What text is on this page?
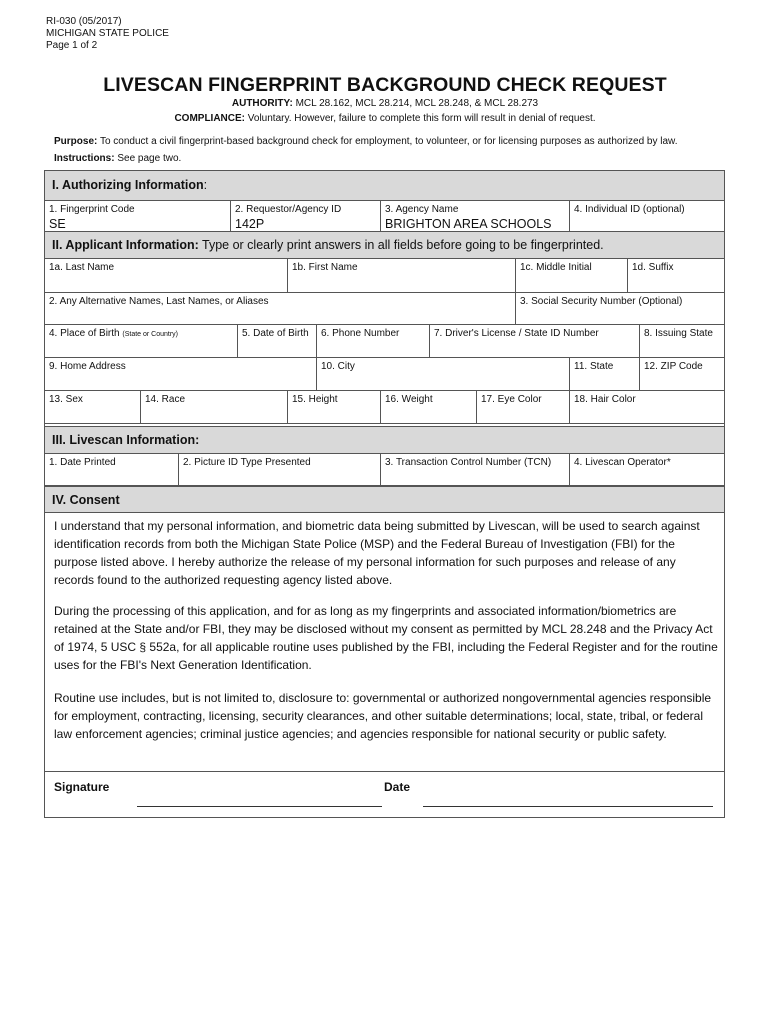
RI-030 (05/2017)
MICHIGAN STATE POLICE
Page 1 of 2
LIVESCAN FINGERPRINT BACKGROUND CHECK REQUEST
AUTHORITY: MCL 28.162, MCL 28.214, MCL 28.248, & MCL 28.273
COMPLIANCE: Voluntary. However, failure to complete this form will result in denial of request.
Purpose: To conduct a civil fingerprint-based background check for employment, to volunteer, or for licensing purposes as authorized by law.
Instructions: See page two.
I. Authorizing Information:
1. Fingerprint Code
SE
2. Requestor/Agency ID
142P
3. Agency Name
BRIGHTON AREA SCHOOLS
4. Individual ID (optional)
II. Applicant Information: Type or clearly print answers in all fields before going to be fingerprinted.
1a. Last Name	1b. First Name	1c. Middle Initial	1d. Suffix
2. Any Alternative Names, Last Names, or Aliases	3. Social Security Number (Optional)
4. Place of Birth (State or Country)	5. Date of Birth 6. Phone Number	7. Driver's License / State ID Number	8. Issuing State
9. Home Address	10. City	11. State	12. ZIP Code
13. Sex	14. Race	15. Height	16. Weight	17. Eye Color	18. Hair Color
III. Livescan Information:
1. Date Printed	2. Picture ID Type Presented	3. Transaction Control Number (TCN) 4. Livescan Operator*
IV. Consent

I understand that my personal information, and biometric data being submitted by Livescan, will be used to search against identification records from both the Michigan State Police (MSP) and the Federal Bureau of Investigation (FBI) for the purpose listed above. I hereby authorize the release of my personal information for such purposes and release of any records found to the authorized requesting agency listed above.

During the processing of this application, and for as long as my fingerprints and associated information/biometrics are retained at the State and/or FBI, they may be disclosed without my consent as permitted by MCL 28.248 and the Privacy Act of 1974, 5 USC § 552a, for all applicable routine uses published by the FBI, including the Federal Register and for the routine uses for the FBI's Next Generation Identification.

Routine use includes, but is not limited to, disclosure to: governmental or authorized nongovernmental agencies responsible for employment, contracting, licensing, security clearances, and other suitable determinations; local, state, tribal, or federal law enforcement agencies; criminal justice agencies; and agencies responsible for national security or public safety.

Signature	Date
